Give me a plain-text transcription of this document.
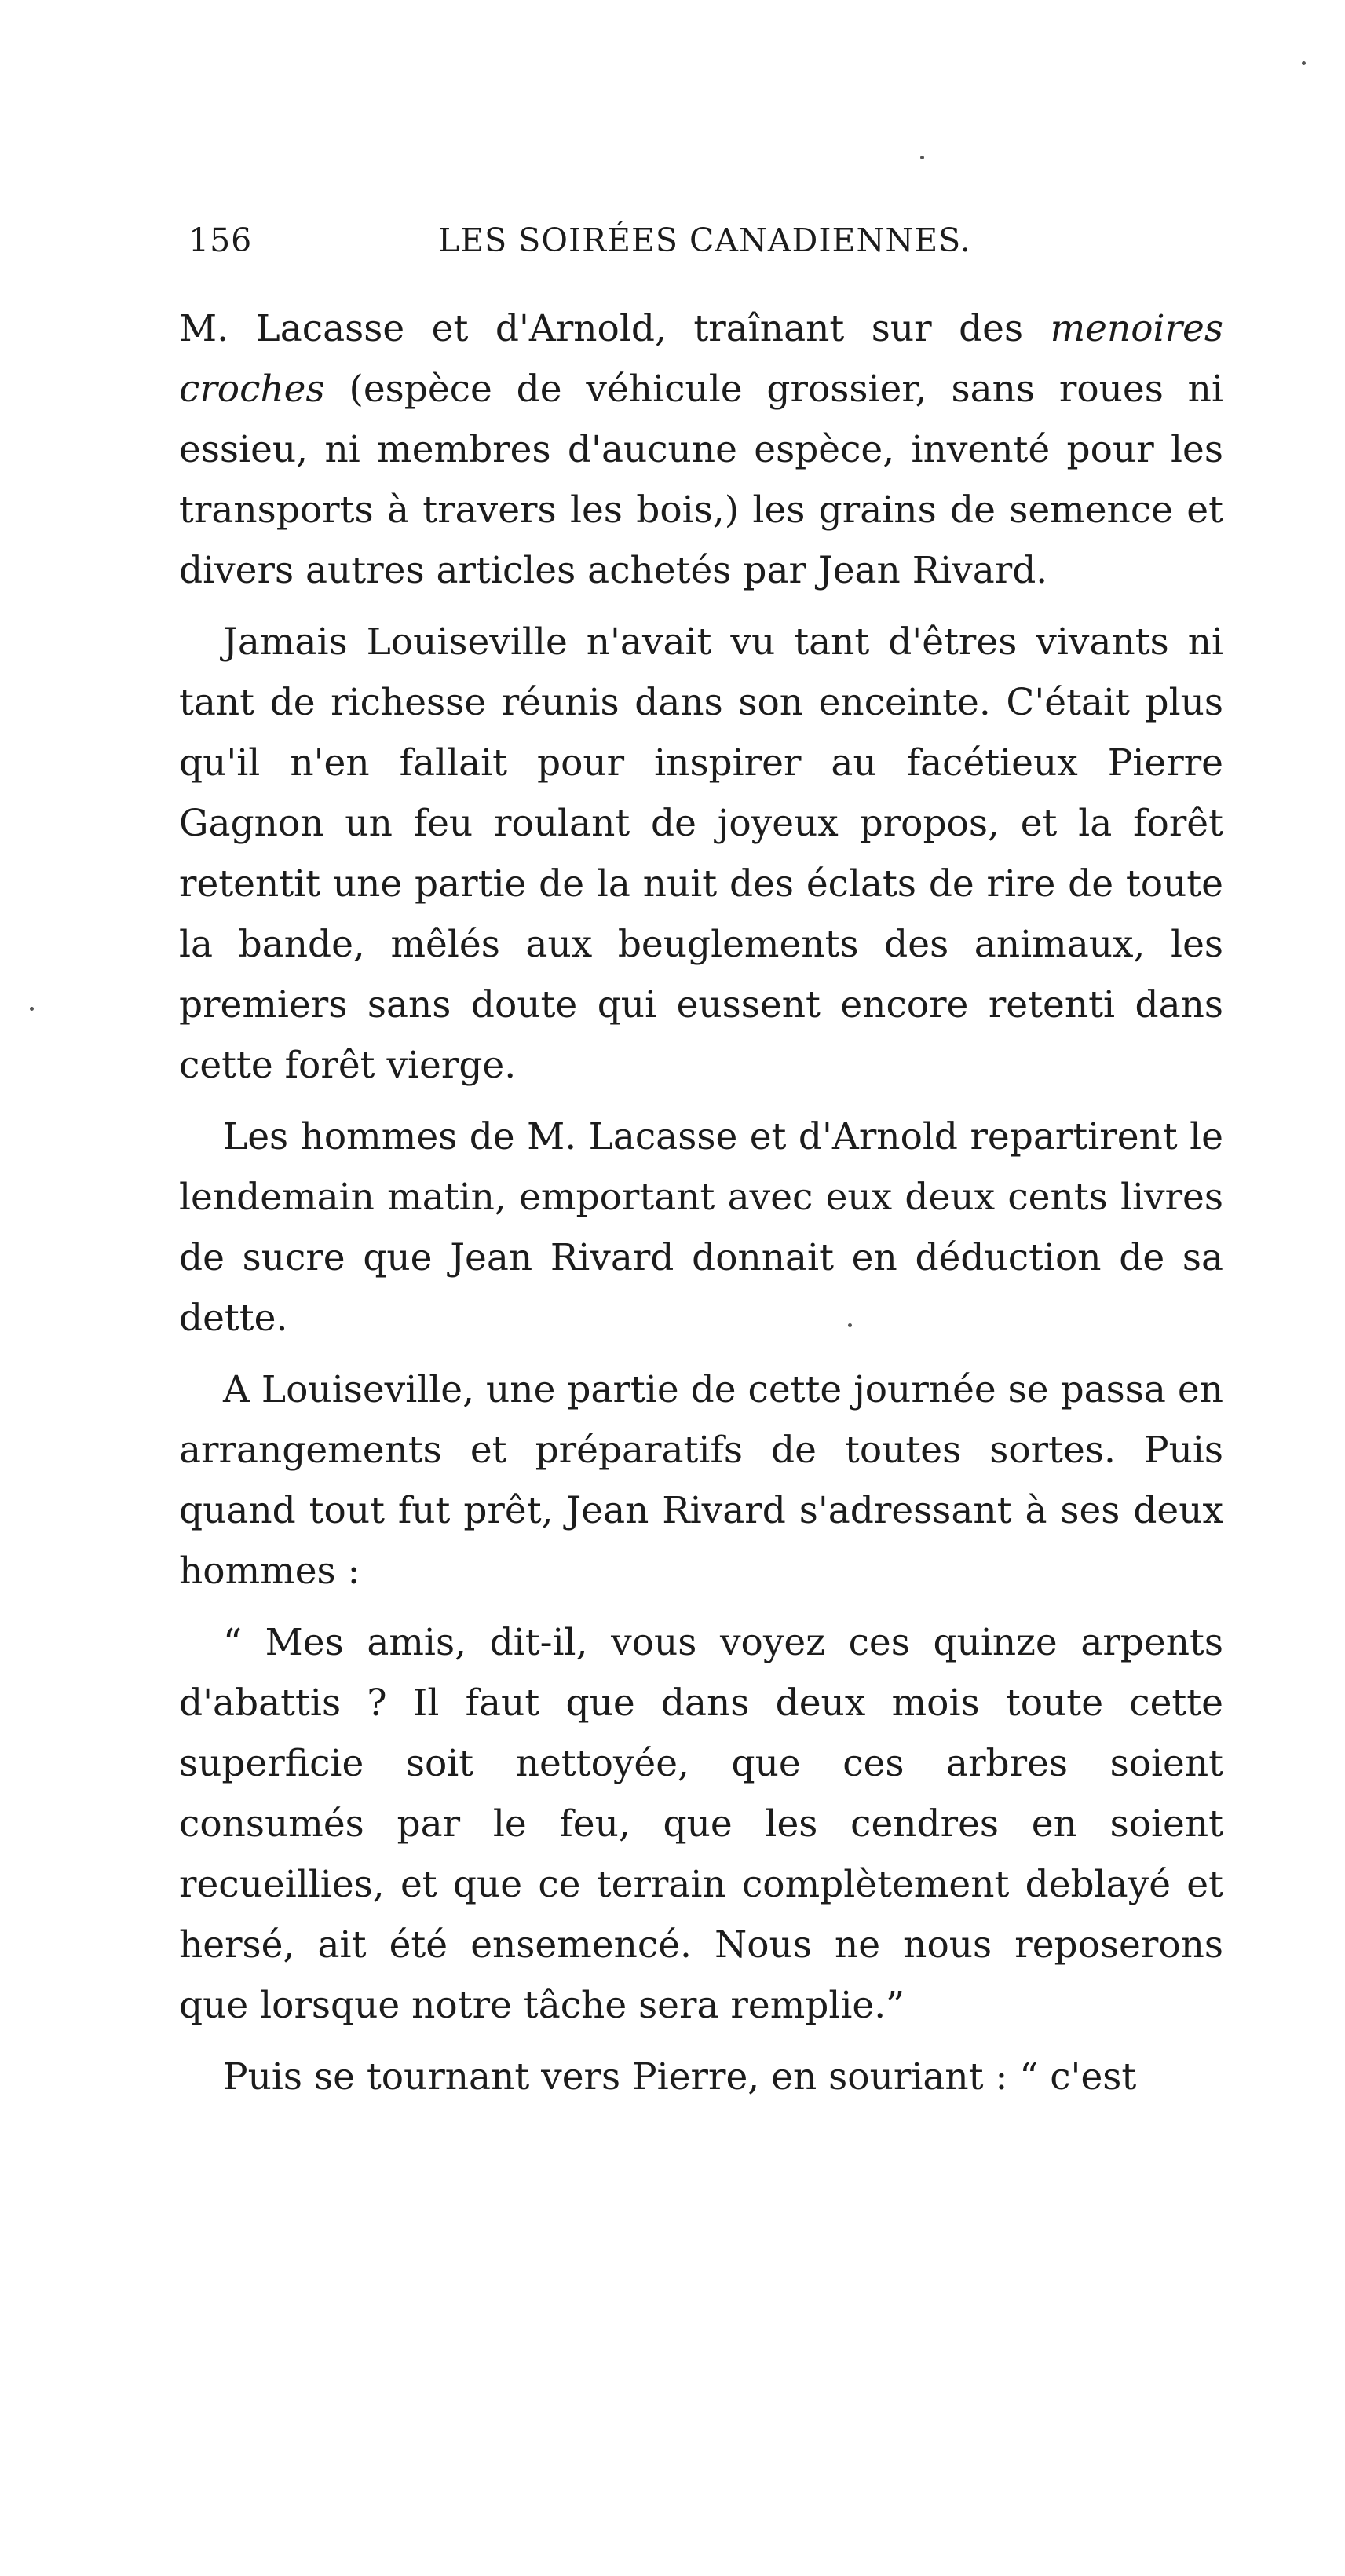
156	LES SOIRÉES CANADIENNES.

M. Lacasse et d'Arnold, traînant sur des menoires croches (espèce de véhicule grossier, sans roues ni essieu, ni membres d'aucune espèce, inventé pour les transports à travers les bois,) les grains de semence et divers autres articles achetés par Jean Rivard.

Jamais Louiseville n'avait vu tant d'êtres vivants ni tant de richesse réunis dans son enceinte. C'était plus qu'il n'en fallait pour inspirer au facétieux Pierre Gagnon un feu roulant de joyeux propos, et la forêt retentit une partie de la nuit des éclats de rire de toute la bande, mêlés aux beuglements des animaux, les premiers sans doute qui eussent encore retenti dans cette forêt vierge.

Les hommes de M. Lacasse et d'Arnold repartirent le lendemain matin, emportant avec eux deux cents livres de sucre que Jean Rivard donnait en déduction de sa dette.

A Louiseville, une partie de cette journée se passa en arrangements et préparatifs de toutes sortes. Puis quand tout fut prêt, Jean Rivard s'adressant à ses deux hommes :

“ Mes amis, dit-il, vous voyez ces quinze arpents d'abattis ? Il faut que dans deux mois toute cette superficie soit nettoyée, que ces arbres soient consumés par le feu, que les cendres en soient recueillies, et que ce terrain complètement deblayé et hersé, ait été ensemencé. Nous ne nous reposerons que lorsque notre tâche sera remplie.”

Puis se tournant vers Pierre, en souriant : “ c'est
